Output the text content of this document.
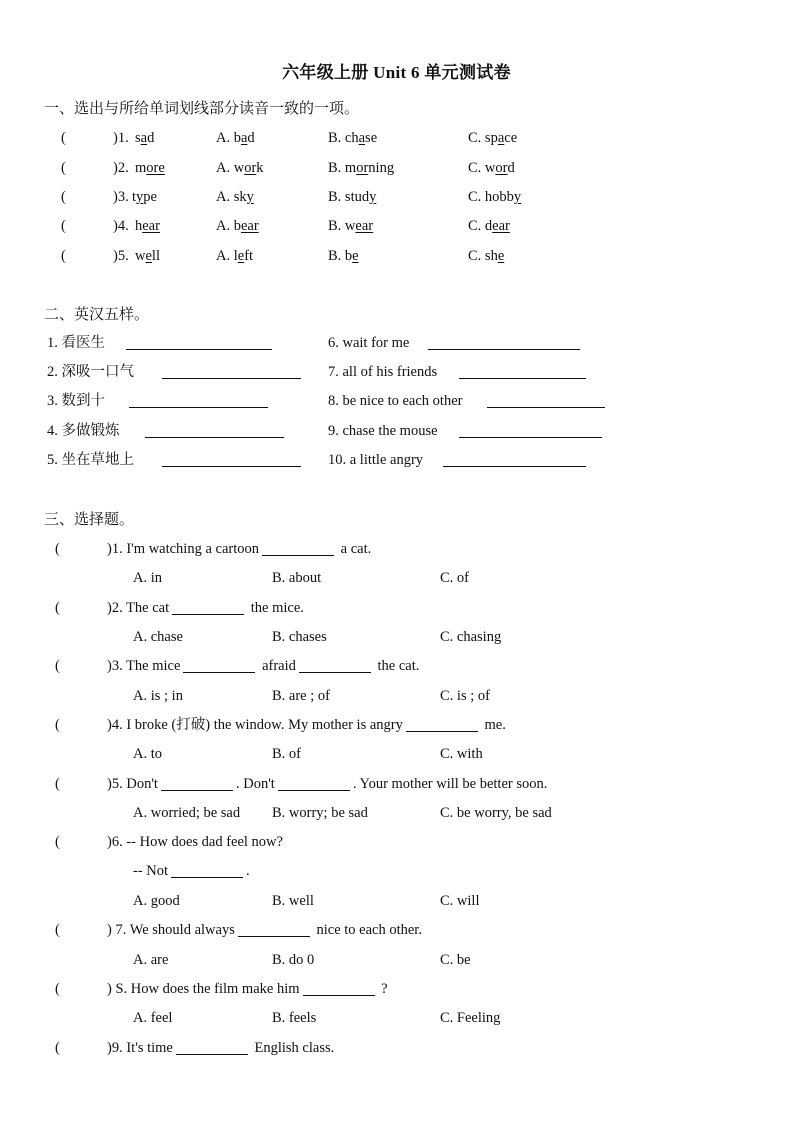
六年级上册 Unit 6 单元测试卷
一、选出与所给单词划线部分读音一致的一项。
(	)1. sad	A. bad	B. chase	C. space
(	)2. more	A. work	B. morning	C. word
(	)3. type	A. sky	B. study	C. hobby
(	)4. hear	A. bear	B. wear	C. dear
(	)5. well	A. left	B. be	C. she
二、英汉五样。
1. 看医生	6. wait for me
2. 深吸一口气	7. all of his friends
3. 数到十	8. be nice to each other
4. 多做锻炼	9. chase the mouse
5. 坐在草地上	10. a little angry
三、选择题。
(	)1. I'm watching a cartoon	a cat.
A. in	B. about	C. of
(	)2. The cat	the mice.
A. chase	B. chases	C. chasing
(	)3. The mice	afraid	the cat.
A. is ; in	B. are ; of	C. is ; of
(	)4. I broke (打破) the window. My mother is angry	me.
A. to	B. of	C. with
(	)5. Don't	. Don't	. Your mother will be better soon.
A. worried; be sad B. worry; be sad	C. be worry, be sad
(	)6. -- How does dad feel now?
-- Not	.
A. good	B. well	C. will
(	) 7. We should always	nice to each other.
A. are	B. do 0	C. be
(	) S. How does the film make him	?
A. feel	B. feels	C. Feeling
(	)9. It's time	English class.
